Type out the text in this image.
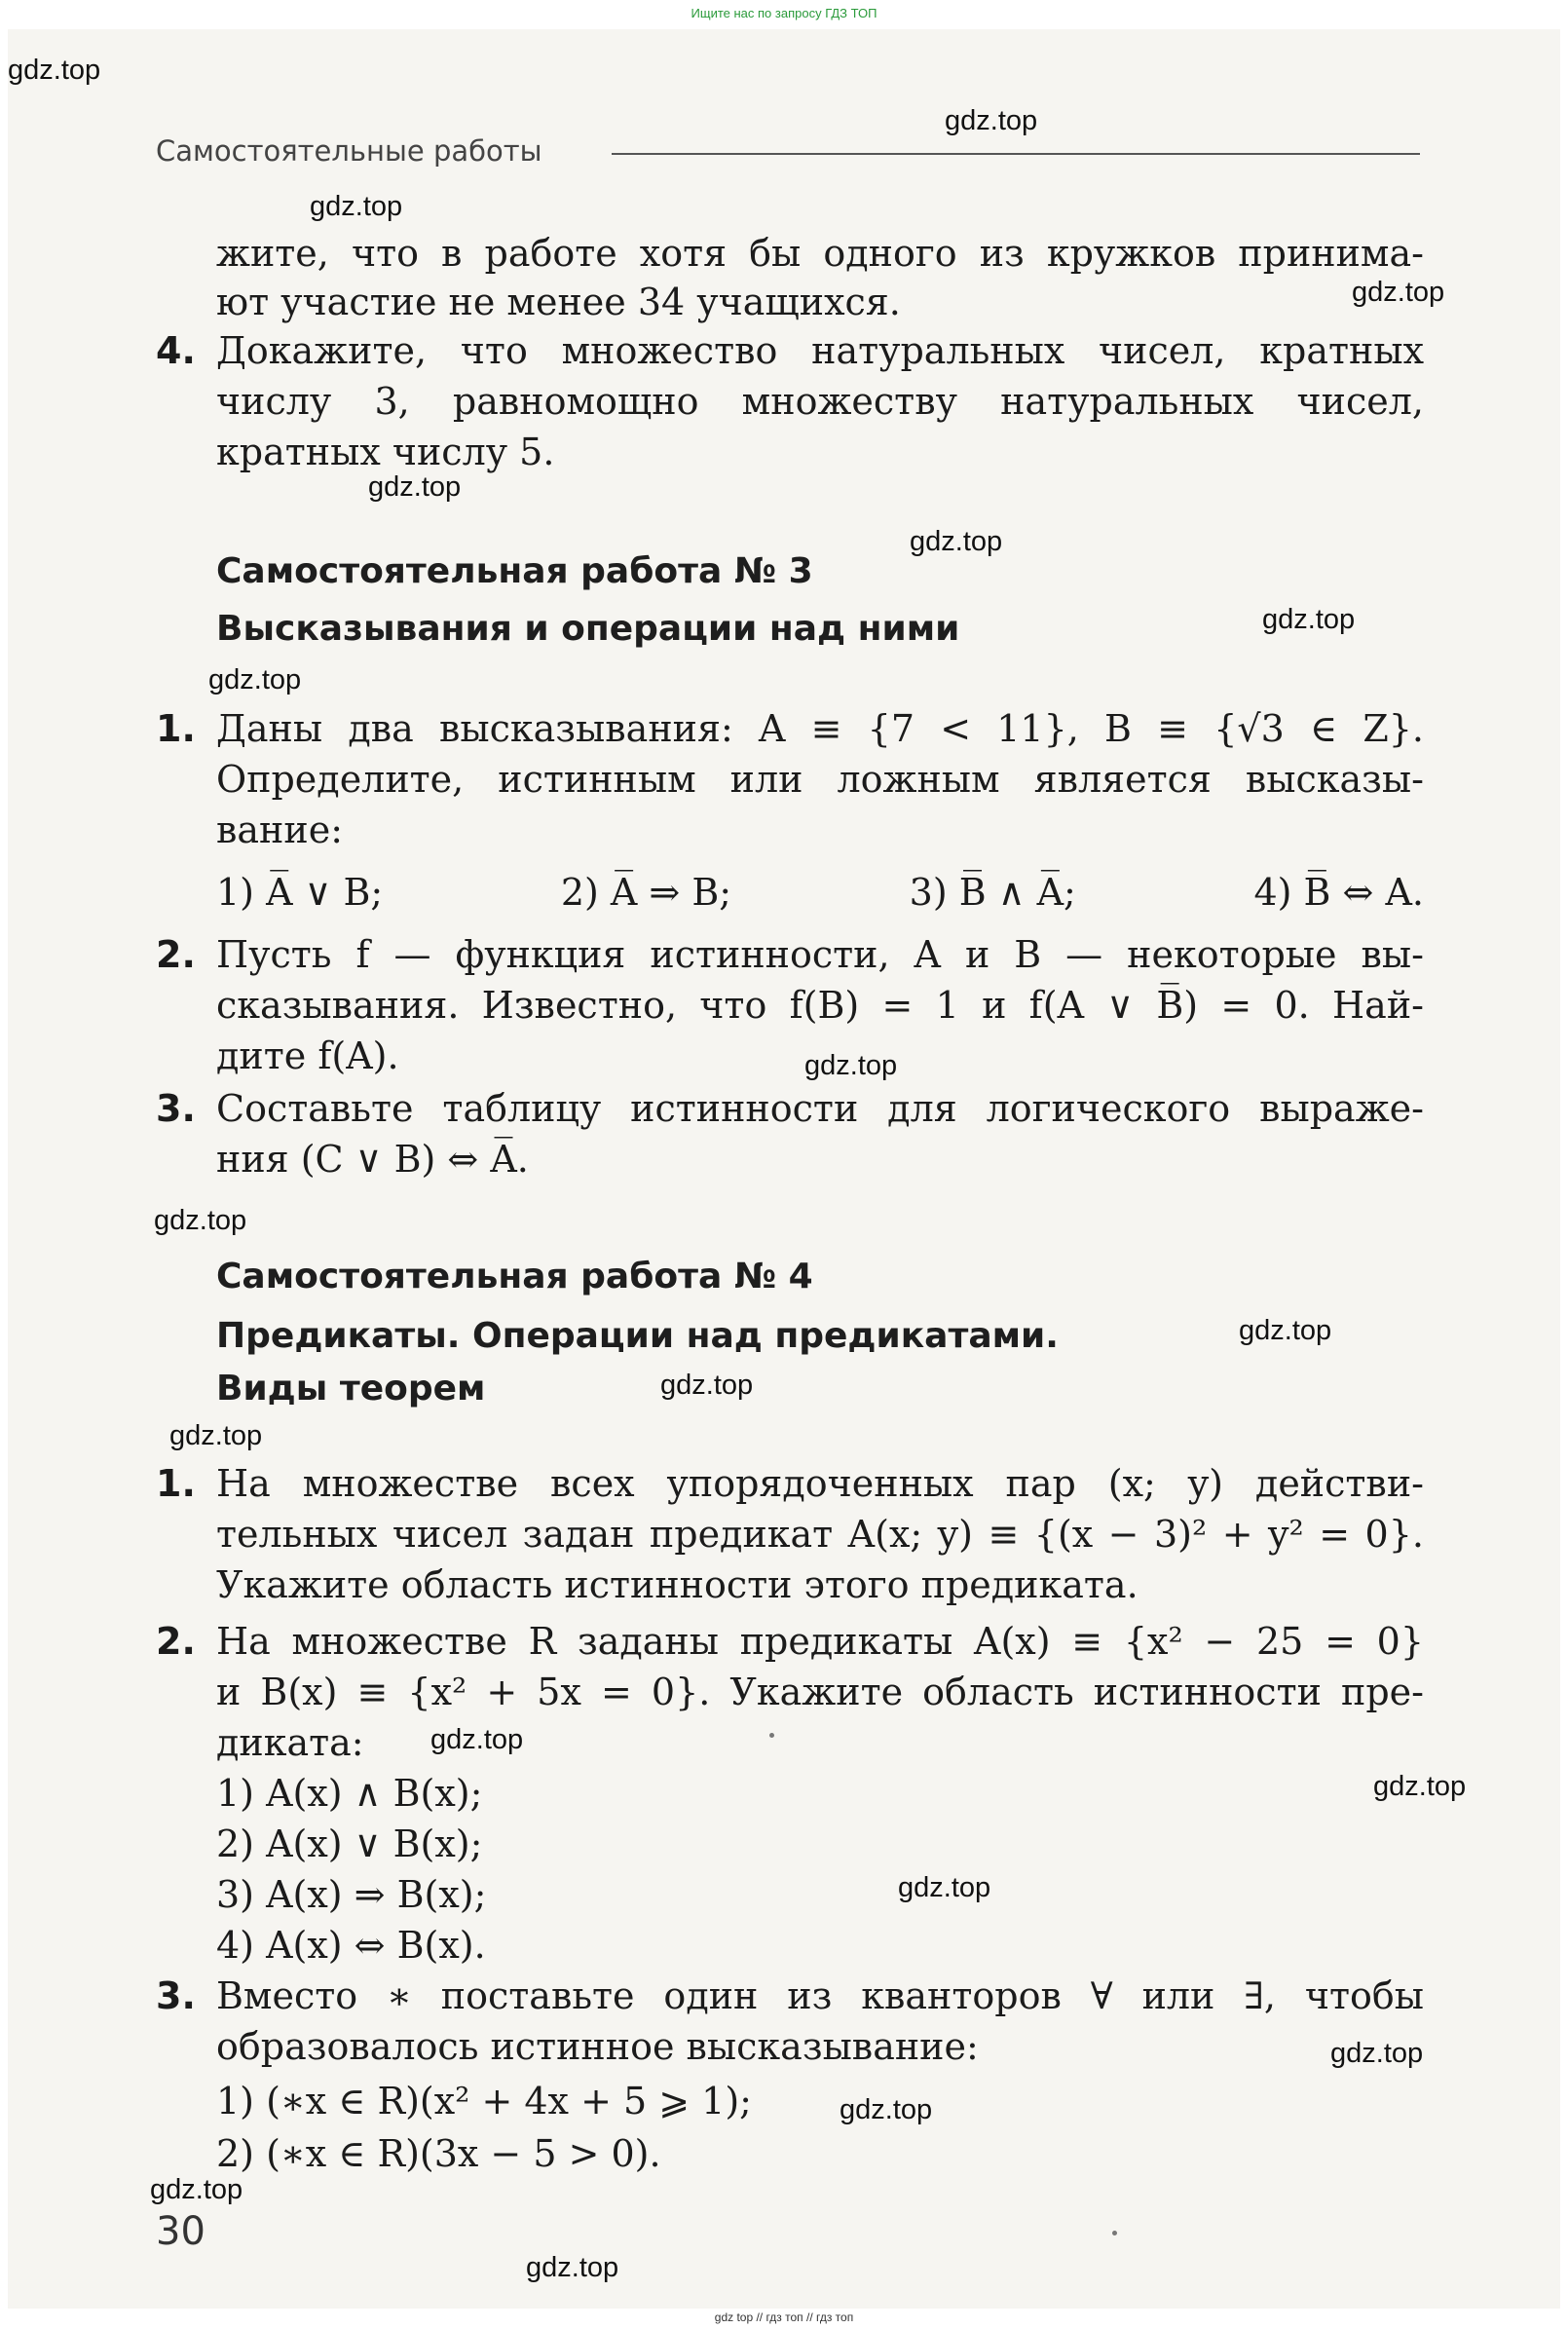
Ищите нас по запросу ГДЗ ТОП
Самостоятельные работы
жите, что в работе хотя бы одного из кружков принима-
ют участие не менее 34 учащихся.
4. Докажите, что множество натуральных чисел, кратных
числу 3, равномощно множеству натуральных чисел,
кратных числу 5.
Самостоятельная работа № 3
Высказывания и операции над ними
1. Даны два высказывания: A ≡ {7 < 11}, B ≡ {√3 ∈ Z}.
Определите, истинным или ложным является высказы-
вание:
1) A̅ ∨ B;	2) A̅ ⇒ B;	3) B̅ ∧ A̅;	4) B̅ ⇔ A.
2. Пусть f — функция истинности, A и B — некоторые вы-
сказывания. Известно, что f(B) = 1 и f(A ∨ B̅) = 0. Най-
дите f(A).
3. Составьте таблицу истинности для логического выраже-
ния (C ∨ B) ⇔ A̅.
Самостоятельная работа № 4
Предикаты. Операции над предикатами.
Виды теорем
1. На множестве всех упорядоченных пар (x; y) действи-
тельных чисел задан предикат A(x; y) ≡ {(x − 3)² + y² = 0}.
Укажите область истинности этого предиката.
2. На множестве R заданы предикаты A(x) ≡ {x² − 25 = 0}
и B(x) ≡ {x² + 5x = 0}. Укажите область истинности пре-
диката:
1) A(x) ∧ B(x);
2) A(x) ∨ B(x);
3) A(x) ⇒ B(x);
4) A(x) ⇔ B(x).
3. Вместо ∗ поставьте один из кванторов ∀ или ∃, чтобы
образовалось истинное высказывание:
1) (∗x ∈ R)(x² + 4x + 5 ⩾ 1);
2) (∗x ∈ R)(3x − 5 > 0).
30
gdz.top
gdz.top
gdz.top
gdz.top
gdz.top
gdz.top
gdz.top
gdz.top
gdz.top
gdz.top
gdz.top
gdz.top
gdz.top
gdz.top
gdz.top
gdz.top
gdz.top
gdz.top
gdz.top
gdz.top
gdz top // гдз топ // гдз топ
